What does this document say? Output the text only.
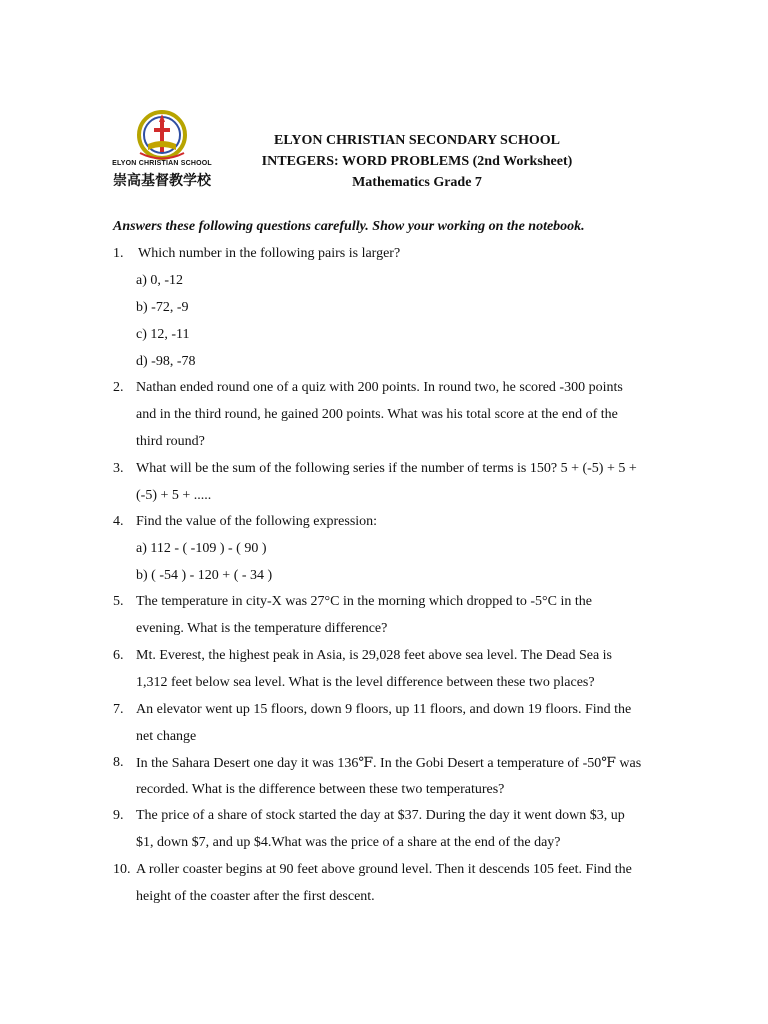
ELYON CHRISTIAN SCHOOL
崇高基督教学校
ELYON CHRISTIAN SECONDARY SCHOOL
INTEGERS: WORD PROBLEMS (2nd Worksheet)
Mathematics Grade 7
Answers these following questions carefully. Show your working on the notebook.
1.	Which number in the following pairs is larger?
a) 0, -12
b) -72, -9
c) 12, -11
d) -98, -78
2. Nathan ended round one of a quiz with 200 points. In round two, he scored -300 points
and in the third round, he gained 200 points. What was his total score at the end of the
third round?
3. What will be the sum of the following series if the number of terms is 150? 5 + (-5) + 5 +
(-5) + 5 + .....
4. Find the value of the following expression:
a) 112 - ( -109 ) - ( 90 )
b) ( -54 ) - 120 + ( - 34 )
5. The temperature in city-X was 27°C in the morning which dropped to -5°C in the
evening. What is the temperature difference?
6. Mt. Everest, the highest peak in Asia, is 29,028 feet above sea level. The Dead Sea is
1,312 feet below sea level. What is the level difference between these two places?
7. An elevator went up 15 floors, down 9 floors, up 11 floors, and down 19 floors. Find the
net change
8. In the Sahara Desert one day it was 136℉. In the Gobi Desert a temperature of -50℉ was
recorded. What is the difference between these two temperatures?
9. The price of a share of stock started the day at $37. During the day it went down $3, up
$1, down $7, and up $4.What was the price of a share at the end of the day?
10. A roller coaster begins at 90 feet above ground level. Then it descends 105 feet. Find the
height of the coaster after the first descent.
